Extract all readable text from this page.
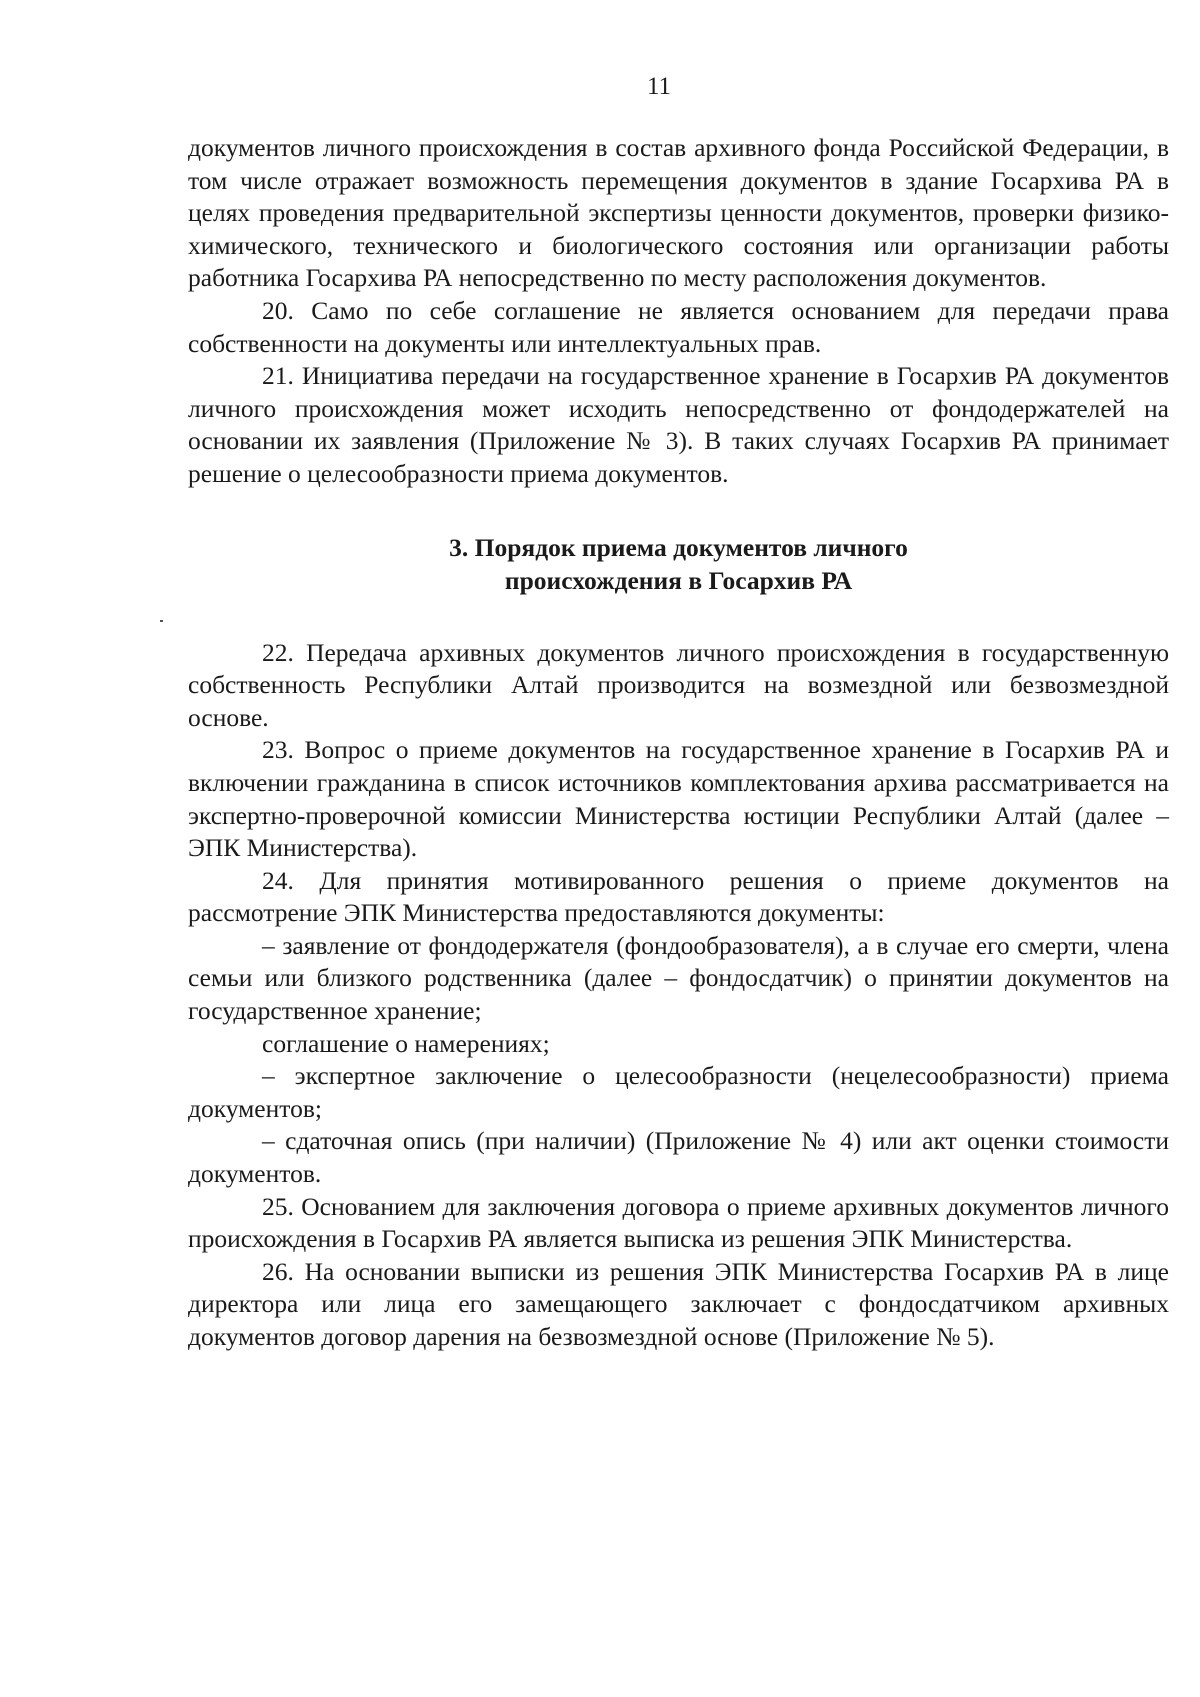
11

документов личного происхождения в состав архивного фонда Российской Федерации, в том числе отражает возможность перемещения документов в здание Госархива РА в целях проведения предварительной экспертизы ценности документов, проверки физико-химического, технического и биологического состояния или организации работы работника Госархива РА непосредственно по месту расположения документов.

20. Само по себе соглашение не является основанием для передачи права собственности на документы или интеллектуальных прав.

21. Инициатива передачи на государственное хранение в Госархив РА документов личного происхождения может исходить непосредственно от фондодержателей на основании их заявления (Приложение № 3). В таких случаях Госархив РА принимает решение о целесообразности приема документов.

3. Порядок приема документов личного
происхождения в Госархив РА

22. Передача архивных документов личного происхождения в государственную собственность Республики Алтай производится на возмездной или безвозмездной основе.

23. Вопрос о приеме документов на государственное хранение в Госархив РА и включении гражданина в список источников комплектования архива рассматривается на экспертно-проверочной комиссии Министерства юстиции Республики Алтай (далее – ЭПК Министерства).

24. Для принятия мотивированного решения о приеме документов на рассмотрение ЭПК Министерства предоставляются документы:

– заявление от фондодержателя (фондообразователя), а в случае его смерти, члена семьи или близкого родственника (далее – фондосдатчик) о принятии документов на государственное хранение;

соглашение о намерениях;

– экспертное заключение о целесообразности (нецелесообразности) приема документов;

– сдаточная опись (при наличии) (Приложение № 4) или акт оценки стоимости документов.

25. Основанием для заключения договора о приеме архивных документов личного происхождения в Госархив РА является выписка из решения ЭПК Министерства.

26. На основании выписки из решения ЭПК Министерства Госархив РА в лице директора или лица его замещающего заключает с фондосдатчиком архивных документов договор дарения на безвозмездной основе (Приложение № 5).
